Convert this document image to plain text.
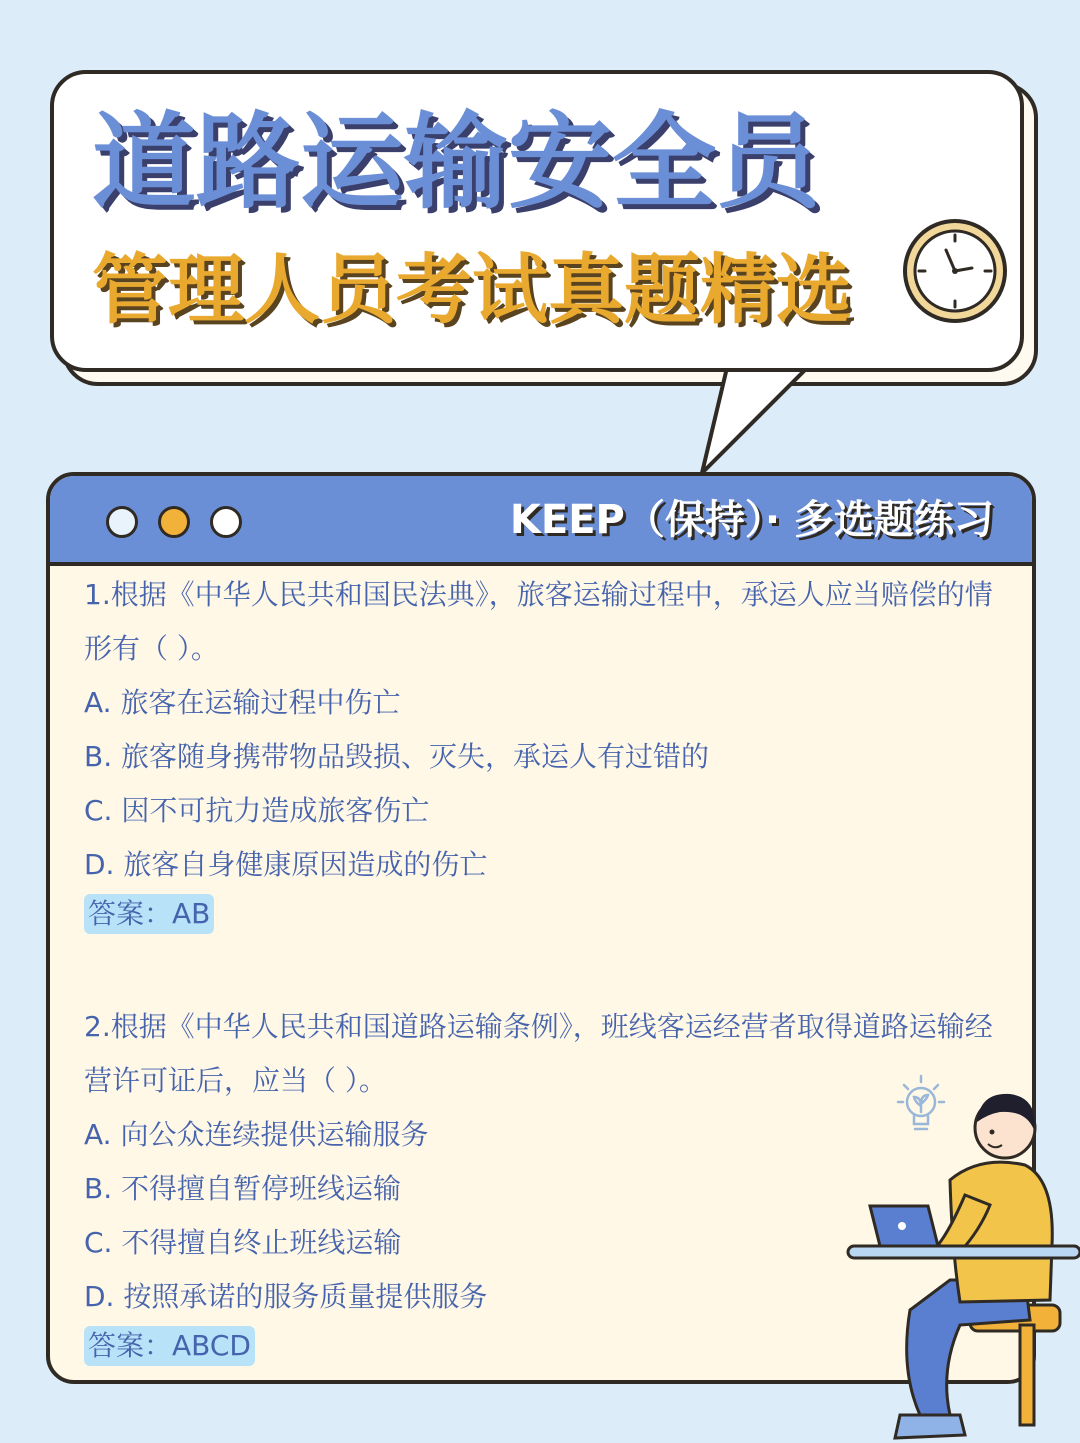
道路运输安全员
管理人员考试真题精选
KEEP（保持）· 多选题练习

1.根据《中华人民共和国民法典》，旅客运输过程中，承运人应当赔偿的情形有（ ）。

A. 旅客在运输过程中伤亡

B. 旅客随身携带物品毁损、灭失，承运人有过错的

C. 因不可抗力造成旅客伤亡

D. 旅客自身健康原因造成的伤亡

答案：AB

2.根据《中华人民共和国道路运输条例》，班线客运经营者取得道路运输经营许可证后，应当（ ）。

A. 向公众连续提供运输服务

B. 不得擅自暂停班线运输

C. 不得擅自终止班线运输

D. 按照承诺的服务质量提供服务

答案：ABCD
